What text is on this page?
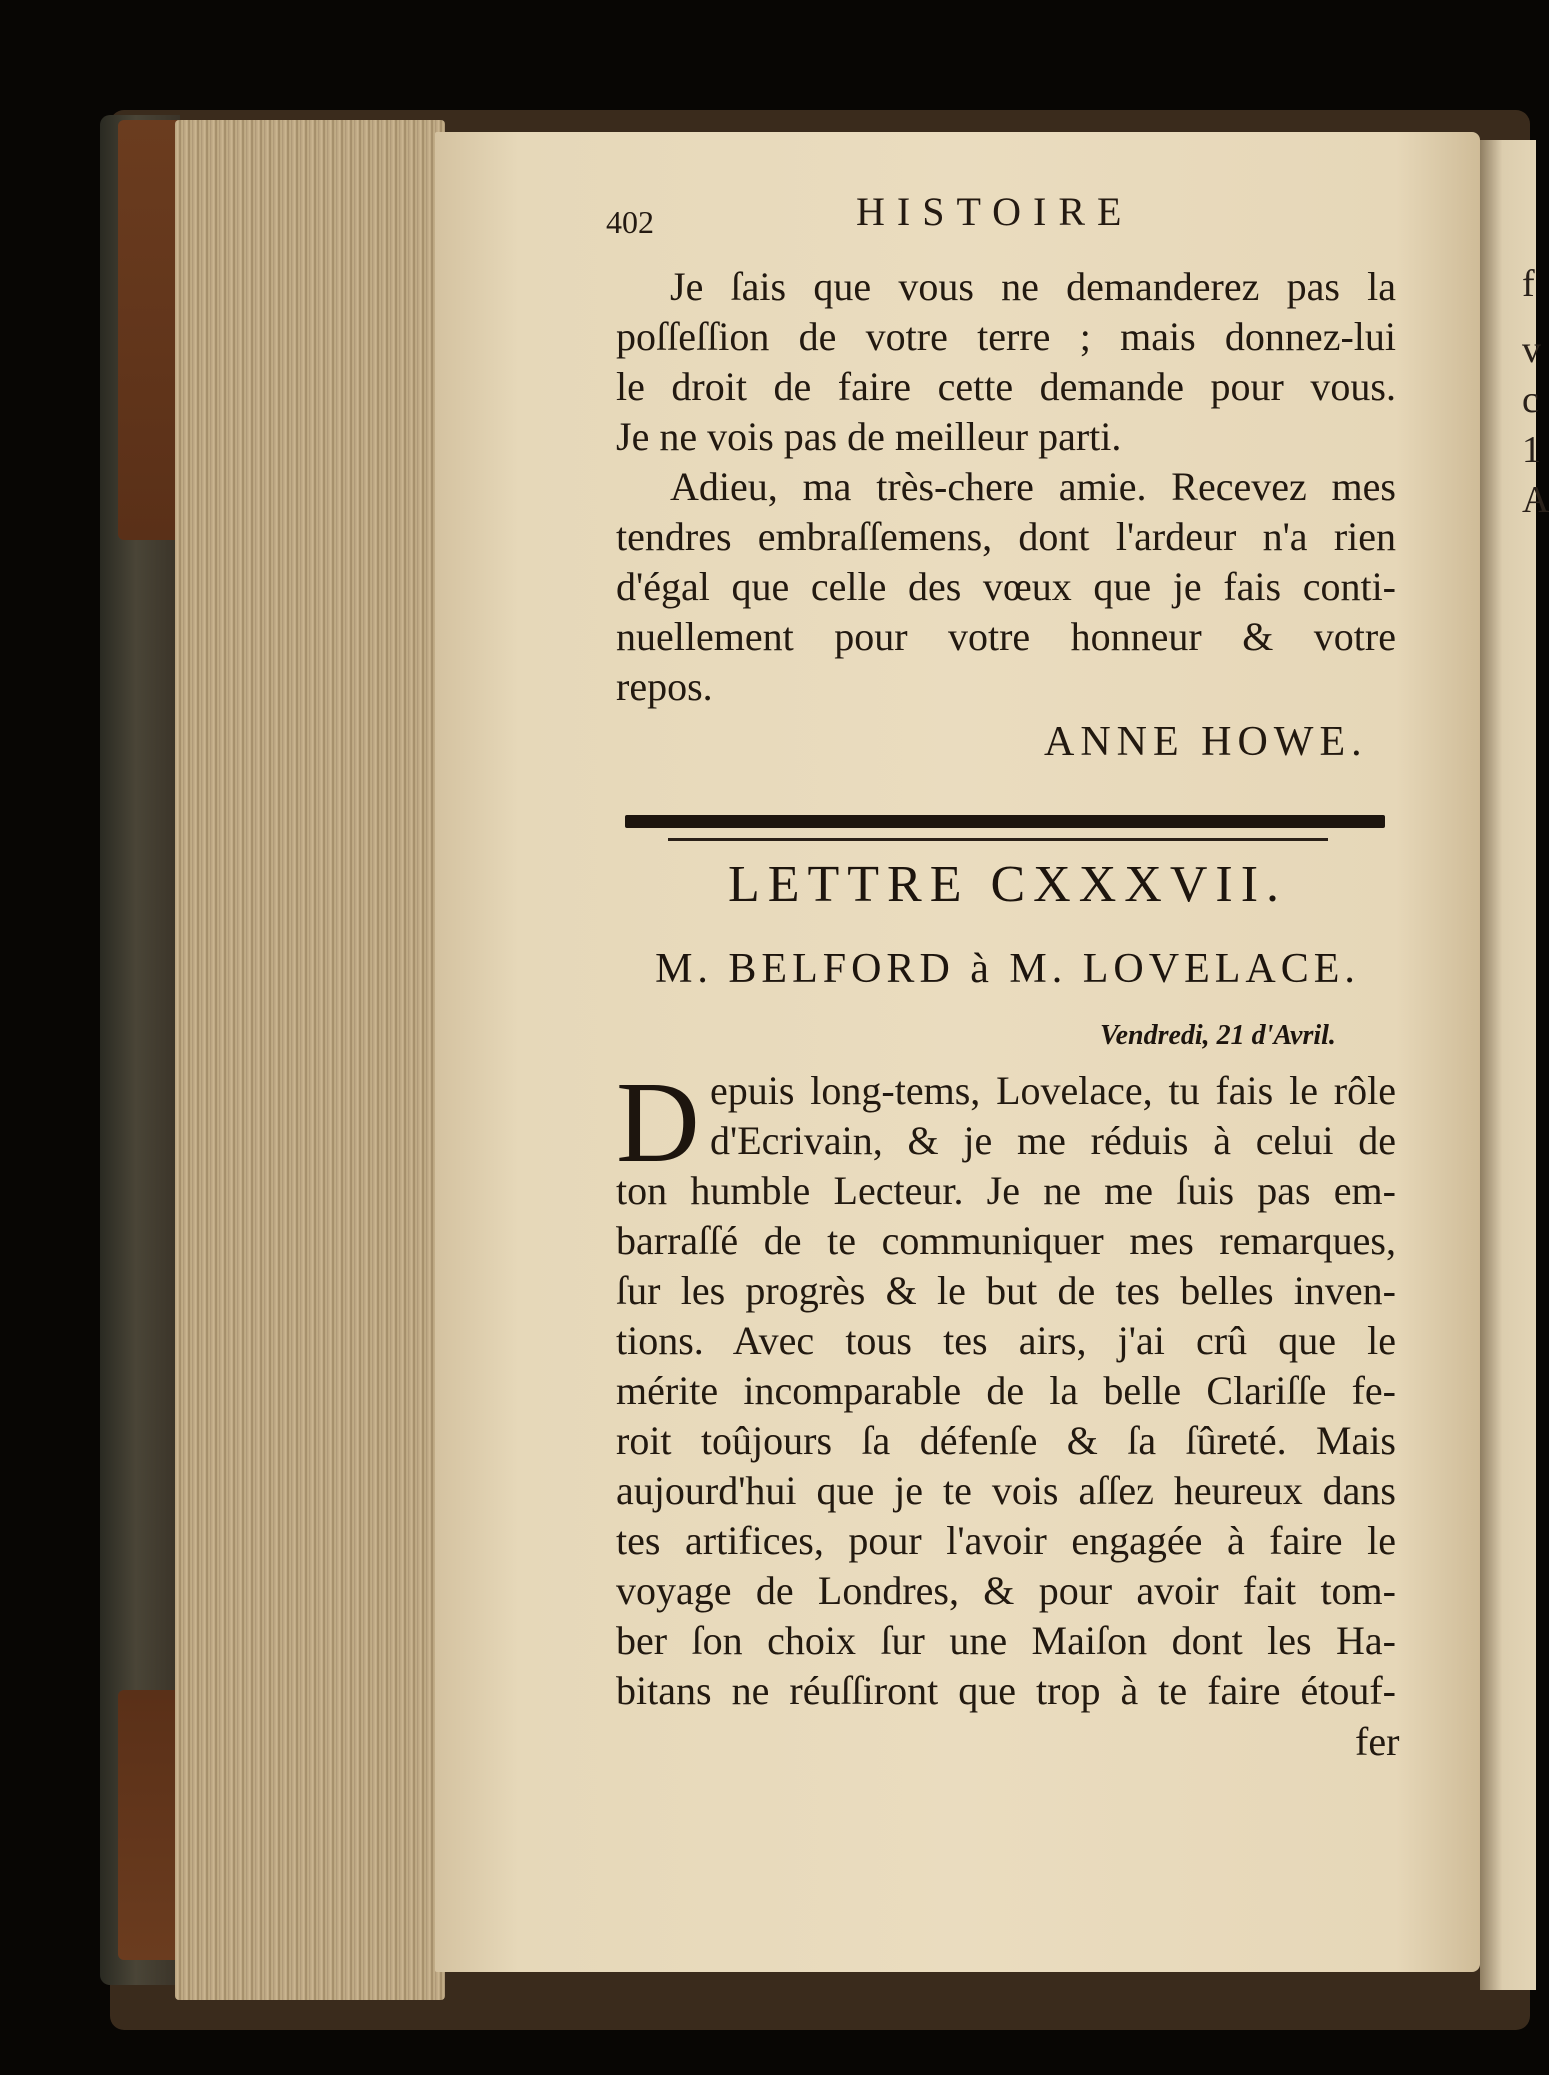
f
v
c
1
A
402	HISTOIRE
Je ſais que vous ne demanderez pas la
poſſeſſion de votre terre ; mais donnez-lui
le droit de faire cette demande pour vous.
Je ne vois pas de meilleur parti.
Adieu, ma très-chere amie. Recevez mes
tendres embraſſemens, dont l'ardeur n'a rien
d'égal que celle des vœux que je fais conti-
nuellement pour votre honneur & votre
repos.
ANNE HOWE.
LETTRE CXXXVII.
M. BELFORD à M. LOVELACE.
Vendredi, 21 d'Avril.
D epuis long-tems, Lovelace, tu fais le rôle
d'Ecrivain, & je me réduis à celui de
ton humble Lecteur. Je ne me ſuis pas em-
barraſſé de te communiquer mes remarques,
ſur les progrès & le but de tes belles inven-
tions. Avec tous tes airs, j'ai crû que le
mérite incomparable de la belle Clariſſe fe-
roit toûjours ſa défenſe & ſa ſûreté. Mais
aujourd'hui que je te vois aſſez heureux dans
tes artifices, pour l'avoir engagée à faire le
voyage de Londres, & pour avoir fait tom-
ber ſon choix ſur une Maiſon dont les Ha-
bitans ne réuſſiront que trop à te faire étouf-
fer
